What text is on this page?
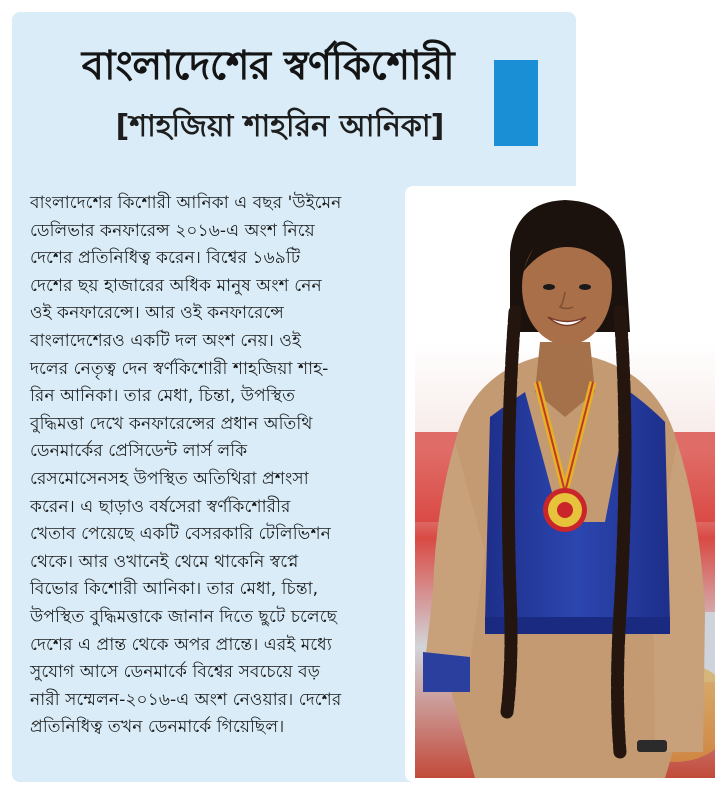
বাংলাদেশের স্বর্ণকিশোরী
[শাহজিয়া শাহরিন আনিকা]
বাংলাদেশের কিশোরী আনিকা এ বছর 'উইমেন
ডেলিভার কনফারেন্স ২০১৬-এ অংশ নিয়ে
দেশের প্রতিনিধিত্ব করেন। বিশ্বের ১৬৯টি
দেশের ছয় হাজারের অধিক মানুষ অংশ নেন
ওই কনফারেন্সে। আর ওই কনফারেন্সে
বাংলাদেশেরও একটি দল অংশ নেয়। ওই
দলের নেতৃত্ব দেন স্বর্ণকিশোরী শাহজিয়া শাহ-
রিন আনিকা। তার মেধা, চিন্তা, উপস্থিত
বুদ্ধিমত্তা দেখে কনফারেন্সের প্রধান অতিথি
ডেনমার্কের প্রেসিডেন্ট লার্স লকি
রেসমোসেনসহ উপস্থিত অতিথিরা প্রশংসা
করেন। এ ছাড়াও বর্ষসেরা স্বর্ণকিশোরীর
খেতাব পেয়েছে একটি বেসরকারি টেলিভিশন
থেকে। আর ওখানেই থেমে থাকেনি স্বপ্নে
বিভোর কিশোরী আনিকা। তার মেধা, চিন্তা,
উপস্থিত বুদ্ধিমত্তাকে জানান দিতে ছুটে চলেছে
দেশের এ প্রান্ত থেকে অপর প্রান্তে। এরই মধ্যে
সুযোগ আসে ডেনমার্কে বিশ্বের সবচেয়ে বড়
নারী সম্মেলন-২০১৬-এ অংশ নেওয়ার। দেশের
প্রতিনিধিত্ব তখন ডেনমার্কে গিয়েছিল।
